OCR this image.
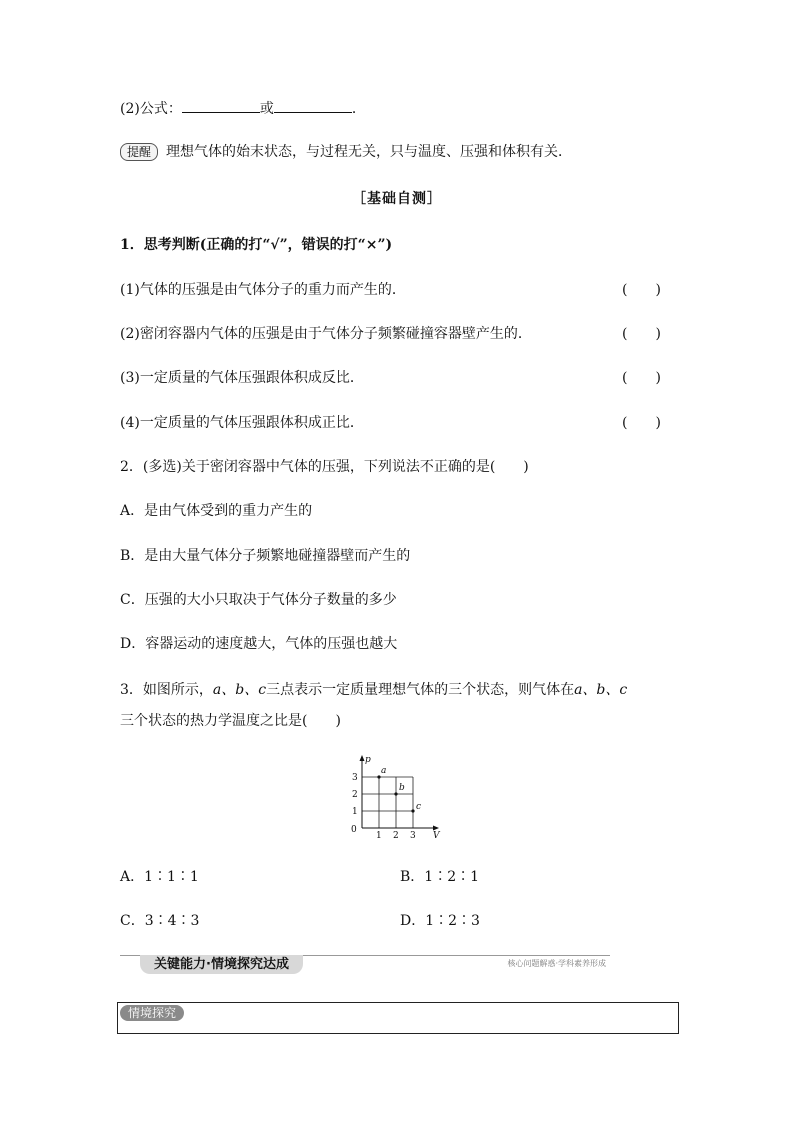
(2)公式：	或	．
提醒 理想气体的始末状态，与过程无关，只与温度、压强和体积有关．
［基础自测］
1．思考判断(正确的打“√”，错误的打“×”)
(1)气体的压强是由气体分子的重力而产生的．	(　　)
(2)密闭容器内气体的压强是由于气体分子频繁碰撞容器壁产生的．	(　　)
(3)一定质量的气体压强跟体积成反比．	(　　)
(4)一定质量的气体压强跟体积成正比．	(　　)
2．(多选)关于密闭容器中气体的压强，下列说法不正确的是(　　)
A．是由气体受到的重力产生的
B．是由大量气体分子频繁地碰撞器壁而产生的
C．压强的大小只取决于气体分子数量的多少
D．容器运动的速度越大，气体的压强也越大
3．如图所示，a、b、c三点表示一定质量理想气体的三个状态，则气体在a、b、c
三个状态的热力学温度之比是(　　)
p
V
0
1
2
3
1 2 3
a
b
c
A．1∶1∶1	B．1∶2∶1
C．3∶4∶3	D．1∶2∶3
关键能力·情境探究达成	核心问题解惑·学科素养形成
情境探究
